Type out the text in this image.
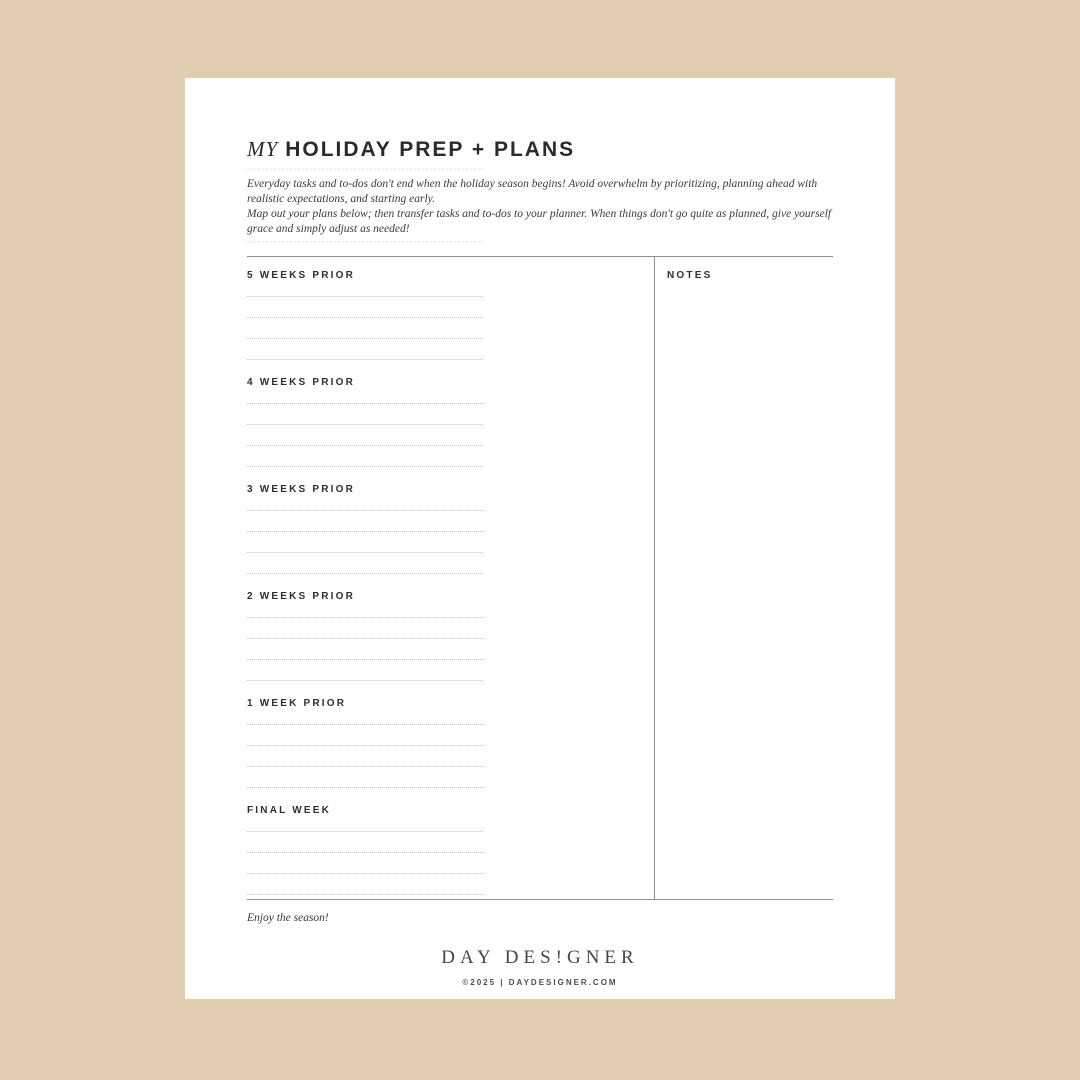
MY HOLIDAY PREP + PLANS
Everyday tasks and to-dos don't end when the holiday season begins! Avoid overwhelm by prioritizing, planning ahead with realistic expectations, and starting early.
Map out your plans below; then transfer tasks and to-dos to your planner. When things don't go quite as planned, give yourself grace and simply adjust as needed!
5 WEEKS PRIOR
4 WEEKS PRIOR
3 WEEKS PRIOR
2 WEEKS PRIOR
1 WEEK PRIOR
FINAL WEEK
NOTES
Enjoy the season!
DAY DES!GNER
©2025 | DAYDESIGNER.COM
